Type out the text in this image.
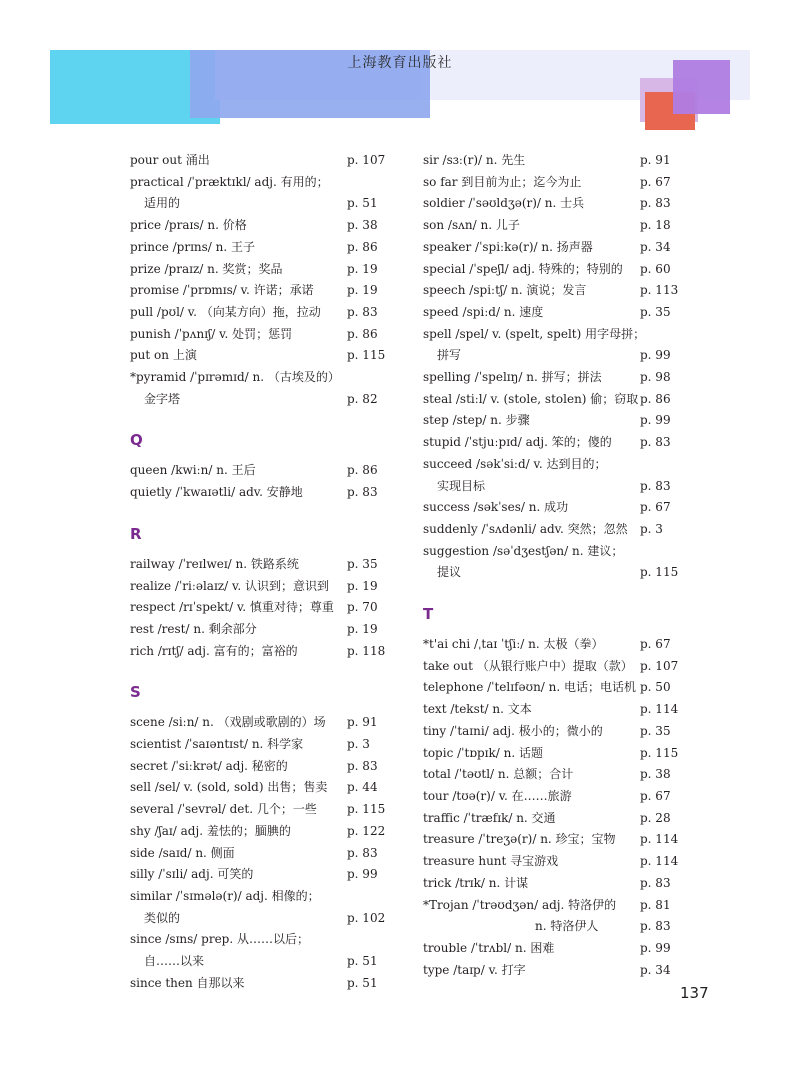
上海教育出版社
pour out 涌出	p. 107
practical /ˈpræktɪkl/ adj. 有用的；
适用的	p. 51
price /praɪs/ n. 价格	p. 38
prince /prɪns/ n. 王子	p. 86
prize /praɪz/ n. 奖赏；奖品	p. 19
promise /ˈprɒmɪs/ v. 许诺；承诺	p. 19
pull /pʊl/ v. （向某方向）拖，拉动	p. 83
punish /ˈpʌnɪʃ/ v. 处罚；惩罚	p. 86
put on 上演	p. 115
*pyramid /ˈpɪrəmɪd/ n. （古埃及的）
金字塔	p. 82
Q
queen /kwiːn/ n. 王后	p. 86
quietly /ˈkwaɪətli/ adv. 安静地	p. 83
R
railway /ˈreɪlweɪ/ n. 铁路系统	p. 35
realize /ˈriːəlaɪz/ v. 认识到；意识到	p. 19
respect /rɪˈspekt/ v. 慎重对待；尊重	p. 70
rest /rest/ n. 剩余部分	p. 19
rich /rɪtʃ/ adj. 富有的；富裕的	p. 118
S
scene /siːn/ n. （戏剧或歌剧的）场	p. 91
scientist /ˈsaɪəntɪst/ n. 科学家	p. 3
secret /ˈsiːkrət/ adj. 秘密的	p. 83
sell /sel/ v. (sold, sold) 出售；售卖	p. 44
several /ˈsevrəl/ det. 几个；一些	p. 115
shy /ʃaɪ/ adj. 羞怯的；腼腆的	p. 122
side /saɪd/ n. 侧面	p. 83
silly /ˈsɪli/ adj. 可笑的	p. 99
similar /ˈsɪmələ(r)/ adj. 相像的；
类似的	p. 102
since /sɪns/ prep. 从……以后；
自……以来	p. 51
since then 自那以来	p. 51
sir /sɜː(r)/ n. 先生	p. 91
so far 到目前为止；迄今为止	p. 67
soldier /ˈsəʊldʒə(r)/ n. 士兵	p. 83
son /sʌn/ n. 儿子	p. 18
speaker /ˈspiːkə(r)/ n. 扬声器	p. 34
special /ˈspeʃl/ adj. 特殊的；特别的	p. 60
speech /spiːtʃ/ n. 演说；发言	p. 113
speed /spiːd/ n. 速度	p. 35
spell /spel/ v. (spelt, spelt) 用字母拼；
拼写	p. 99
spelling /ˈspelɪŋ/ n. 拼写；拼法	p. 98
steal /stiːl/ v. (stole, stolen) 偷；窃取 p. 86
step /step/ n. 步骤	p. 99
stupid /ˈstjuːpɪd/ adj. 笨的；傻的	p. 83
succeed /səkˈsiːd/ v. 达到目的；
实现目标	p. 83
success /səkˈses/ n. 成功	p. 67
suddenly /ˈsʌdənli/ adv. 突然；忽然	p. 3
suggestion /səˈdʒestʃən/ n. 建议；
提议	p. 115
T
*t'ai chi /ˌtaɪ ˈtʃiː/ n. 太极（拳）	p. 67
take out （从银行账户中）提取（款） p. 107
telephone /ˈtelɪfəʊn/ n. 电话；电话机 p. 50
text /tekst/ n. 文本	p. 114
tiny /ˈtaɪni/ adj. 极小的；微小的	p. 35
topic /ˈtɒpɪk/ n. 话题	p. 115
total /ˈtəʊtl/ n. 总额；合计	p. 38
tour /tʊə(r)/ v. 在……旅游	p. 67
traffic /ˈtræfɪk/ n. 交通	p. 28
treasure /ˈtreʒə(r)/ n. 珍宝；宝物	p. 114
treasure hunt 寻宝游戏	p. 114
trick /trɪk/ n. 计谋	p. 83
*Trojan /ˈtrəʊdʒən/ adj. 特洛伊的	p. 81
n. 特洛伊人	p. 83
trouble /ˈtrʌbl/ n. 困难	p. 99
type /taɪp/ v. 打字	p. 34
137
